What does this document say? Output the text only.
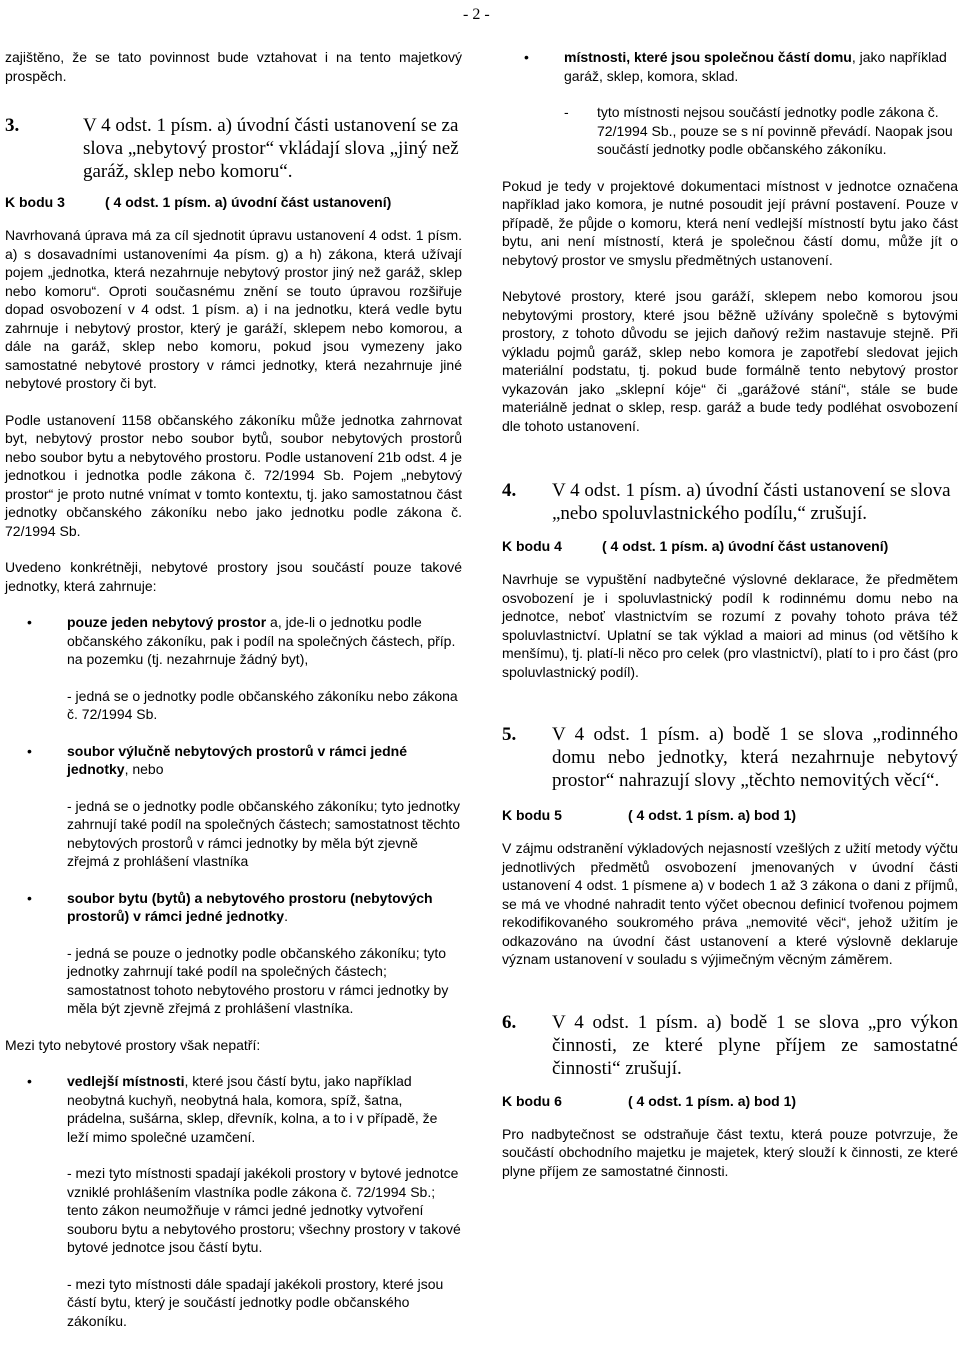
- 2 -

zajištěno, že se tato povinnost bude vztahovat i na tento majetkový prospěch.

3.	V 4 odst. 1 písm. a) úvodní části ustanovení se za slova „nebytový prostor“ vkládají slova „jiný než garáž, sklep nebo komoru“.
K bodu 3	( 4 odst. 1 písm. a) úvodní část ustanovení)

Navrhovaná úprava má za cíl sjednotit úpravu ustanovení 4 odst. 1 písm. a) s dosavadními ustanoveními 4a písm. g) a h) zákona, která užívají pojem „jednotka, která nezahrnuje nebytový prostor jiný než garáž, sklep nebo komoru“. Oproti současnému znění se touto úpravou rozšiřuje dopad osvobození v 4 odst. 1 písm. a) i na jednotku, která vedle bytu zahrnuje i nebytový prostor, který je garáží, sklepem nebo komorou, a dále na garáž, sklep nebo komoru, pokud jsou vymezeny jako samostatné nebytové prostory v rámci jednotky, která nezahrnuje jiné nebytové prostory či byt.

Podle ustanovení 1158 občanského zákoníku může jednotka zahrnovat byt, nebytový prostor nebo soubor bytů, soubor nebytových prostorů nebo soubor bytu a nebytového prostoru. Podle ustanovení 21b odst. 4 je jednotkou i jednotka podle zákona č. 72/1994 Sb. Pojem „nebytový prostor“ je proto nutné vnímat v tomto kontextu, tj. jako samostatnou část jednotky občanského zákoníku nebo jako jednotku podle zákona č. 72/1994 Sb.

Uvedeno konkrétněji, nebytové prostory jsou součástí pouze takové jednotky, která zahrnuje:

• pouze jeden nebytový prostor a, jde-li o jednotku podle občanského zákoníku, pak i podíl na společných částech, příp. na pozemku (tj. nezahrnuje žádný byt),

- jedná se o jednotky podle občanského zákoníku nebo zákona č. 72/1994 Sb.

• soubor výlučně nebytových prostorů v rámci jedné jednotky, nebo

- jedná se o jednotky podle občanského zákoníku; tyto jednotky zahrnují také podíl na společných částech; samostatnost těchto nebytových prostorů v rámci jednotky by měla být zjevně zřejmá z prohlášení vlastníka

• soubor bytu (bytů) a nebytového prostoru (nebytových prostorů) v rámci jedné jednotky.

- jedná se pouze o jednotky podle občanského zákoníku; tyto jednotky zahrnují také podíl na společných částech; samostatnost tohoto nebytového prostoru v rámci jednotky by měla být zjevně zřejmá z prohlášení vlastníka.

Mezi tyto nebytové prostory však nepatří:

• vedlejší místnosti, které jsou částí bytu, jako například neobytná kuchyň, neobytná hala, komora, spíž, šatna, prádelna, sušárna, sklep, dřevník, kolna, a to i v případě, že leží mimo společné uzamčení.

- mezi tyto místnosti spadají jakékoli prostory v bytové jednotce vzniklé prohlášením vlastníka podle zákona č. 72/1994 Sb.; tento zákon neumožňuje v rámci jedné jednotky vytvoření souboru bytu a nebytového prostoru; všechny prostory v takové bytové jednotce jsou částí bytu.

- mezi tyto místnosti dále spadají jakékoli prostory, které jsou částí bytu, který je součástí jednotky podle občanského zákoníku.

• místnosti, které jsou společnou částí domu, jako například garáž, sklep, komora, sklad.

- tyto místnosti nejsou součástí jednotky podle zákona č. 72/1994 Sb., pouze se s ní povinně převádí. Naopak jsou součástí jednotky podle občanského zákoníku.

Pokud je tedy v projektové dokumentaci místnost v jednotce označena například jako komora, je nutné posoudit její právní postavení. Pouze v případě, že půjde o komoru, která není vedlejší místností bytu jako část bytu, ani není místností, která je společnou částí domu, může jít o nebytový prostor ve smyslu předmětných ustanovení.

Nebytové prostory, které jsou garáží, sklepem nebo komorou jsou nebytovými prostory, které jsou běžně užívány společně s bytovými prostory, z tohoto důvodu se jejich daňový režim nastavuje stejně. Při výkladu pojmů garáž, sklep nebo komora je zapotřebí sledovat jejich materiální podstatu, tj. pokud bude formálně tento nebytový prostor vykazován jako „sklepní kóje“ či „garážové stání“, stále se bude materiálně jednat o sklep, resp. garáž a bude tedy podléhat osvobození dle tohoto ustanovení.

4. V 4 odst. 1 písm. a) úvodní části ustanovení se slova „nebo spoluvlastnického podílu,“ zrušují.
K bodu 4	( 4 odst. 1 písm. a) úvodní část ustanovení)

Navrhuje se vypuštění nadbytečné výslovné deklarace, že předmětem osvobození je i spoluvlastnický podíl k rodinnému domu nebo na jednotce, neboť vlastnictvím se rozumí z povahy tohoto práva též spoluvlastnictví. Uplatní se tak výklad a maiori ad minus (od většího k menšímu), tj. platí-li něco pro celek (pro vlastnictví), platí to i pro část (pro spoluvlastnický podíl).

5. V 4 odst. 1 písm. a) bodě 1 se slova „rodinného domu nebo jednotky, která nezahrnuje nebytový prostor“ nahrazují slovy „těchto nemovitých věcí“.
K bodu 5	( 4 odst. 1 písm. a) bod 1)

V zájmu odstranění výkladových nejasností vzešlých z užití metody výčtu jednotlivých předmětů osvobození jmenovaných v úvodní části ustanovení 4 odst. 1 písmene a) v bodech 1 až 3 zákona o dani z příjmů, se má ve vhodné nahradit tento výčet obecnou definicí tvořenou pojmem rekodifikovaného soukromého práva „nemovité věci“, jehož užitím je odkazováno na úvodní část ustanovení a které výslovně deklaruje význam ustanovení v souladu s výjimečným věcným záměrem.

6. V 4 odst. 1 písm. a) bodě 1 se slova „pro výkon činnosti, ze které plyne příjem ze samostatné činnosti“ zrušují.
K bodu 6	( 4 odst. 1 písm. a) bod 1)

Pro nadbytečnost se odstraňuje část textu, která pouze potvrzuje, že součástí obchodního majetku je majetek, který slouží k činnosti, ze které plyne příjem ze samostatné činnosti.
